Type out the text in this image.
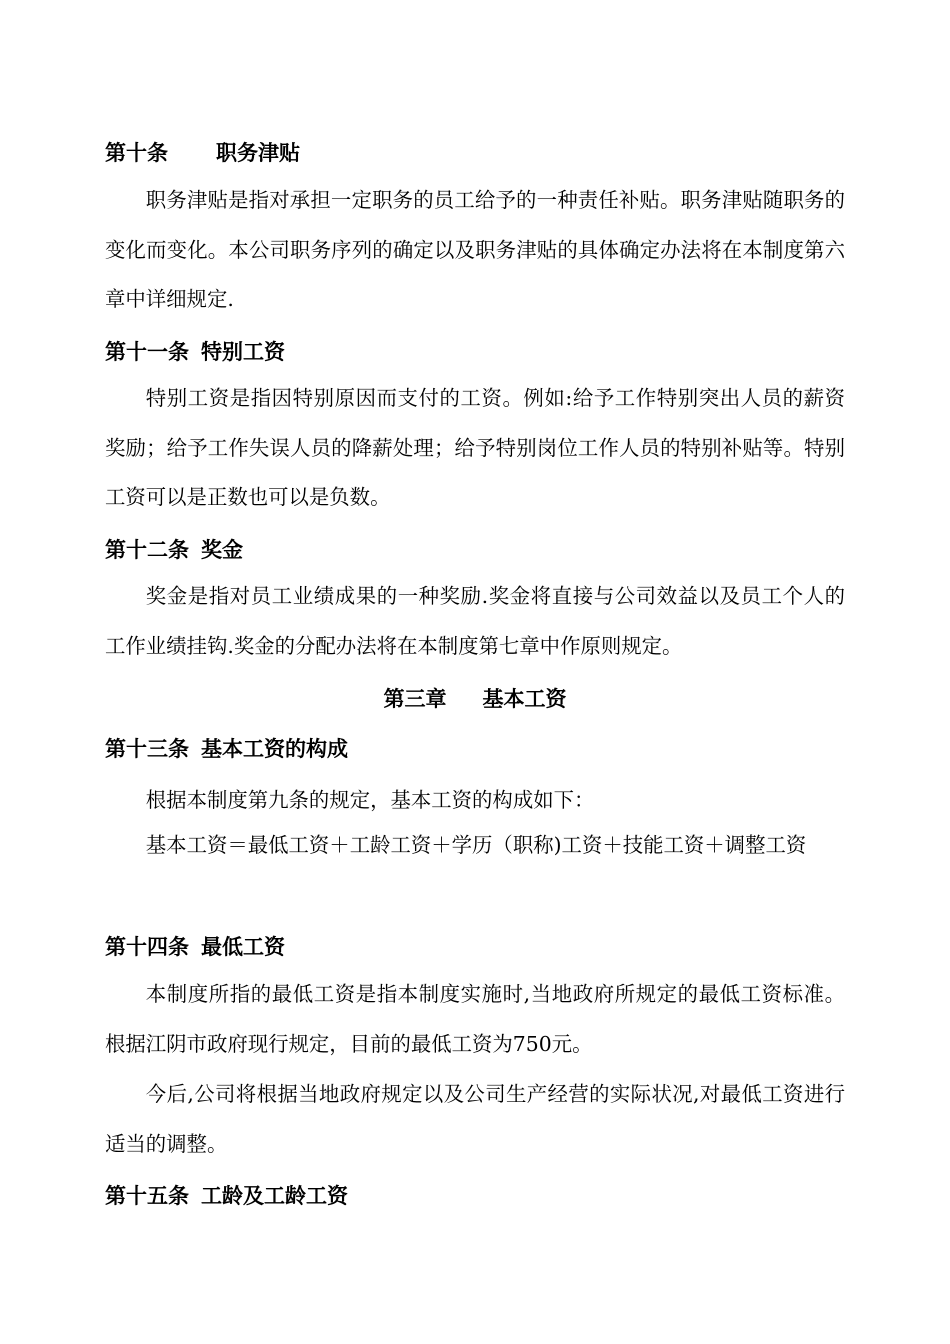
第十条 职务津贴

职务津贴是指对承担一定职务的员工给予的一种责任补贴。职务津贴随职务的变化而变化。本公司职务序列的确定以及职务津贴的具体确定办法将在本制度第六章中详细规定.

第十一条 特别工资

特别工资是指因特别原因而支付的工资。例如:给予工作特别突出人员的薪资奖励；给予工作失误人员的降薪处理；给予特别岗位工作人员的特别补贴等。特别工资可以是正数也可以是负数。

第十二条 奖金

奖金是指对员工业绩成果的一种奖励.奖金将直接与公司效益以及员工个人的工作业绩挂钩.奖金的分配办法将在本制度第七章中作原则规定。

第三章 基本工资
第十三条 基本工资的构成

根据本制度第九条的规定，基本工资的构成如下：

基本工资＝最低工资＋工龄工资＋学历（职称)工资＋技能工资＋调整工资

第十四条 最低工资

本制度所指的最低工资是指本制度实施时,当地政府所规定的最低工资标准。根据江阴市政府现行规定，目前的最低工资为750元。

今后,公司将根据当地政府规定以及公司生产经营的实际状况,对最低工资进行适当的调整。

第十五条 工龄及工龄工资
